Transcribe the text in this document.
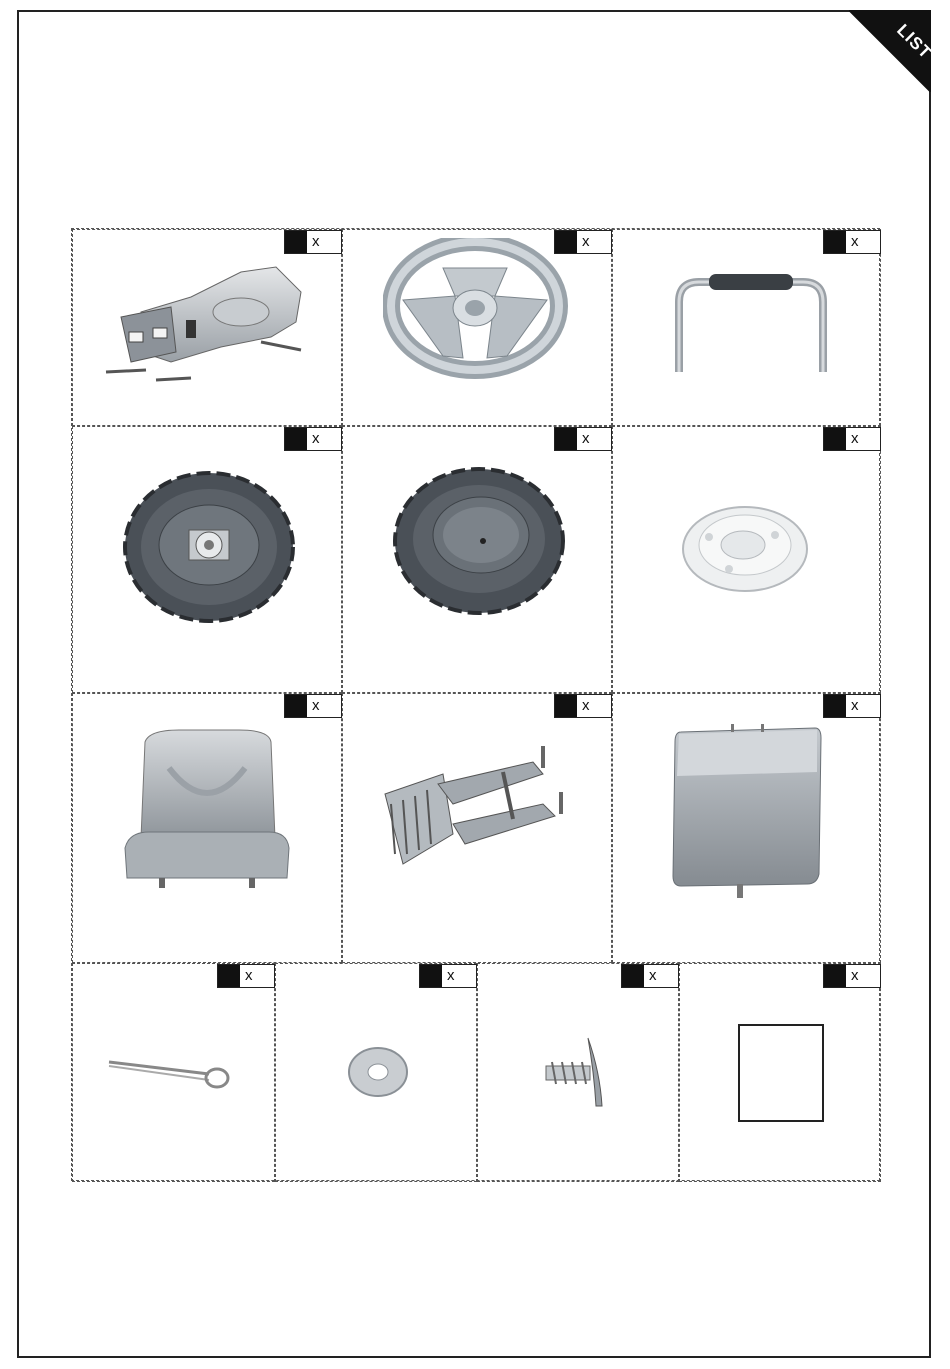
LIST
x	x	x
x	x	x
x	x	x
x	x	x	x
